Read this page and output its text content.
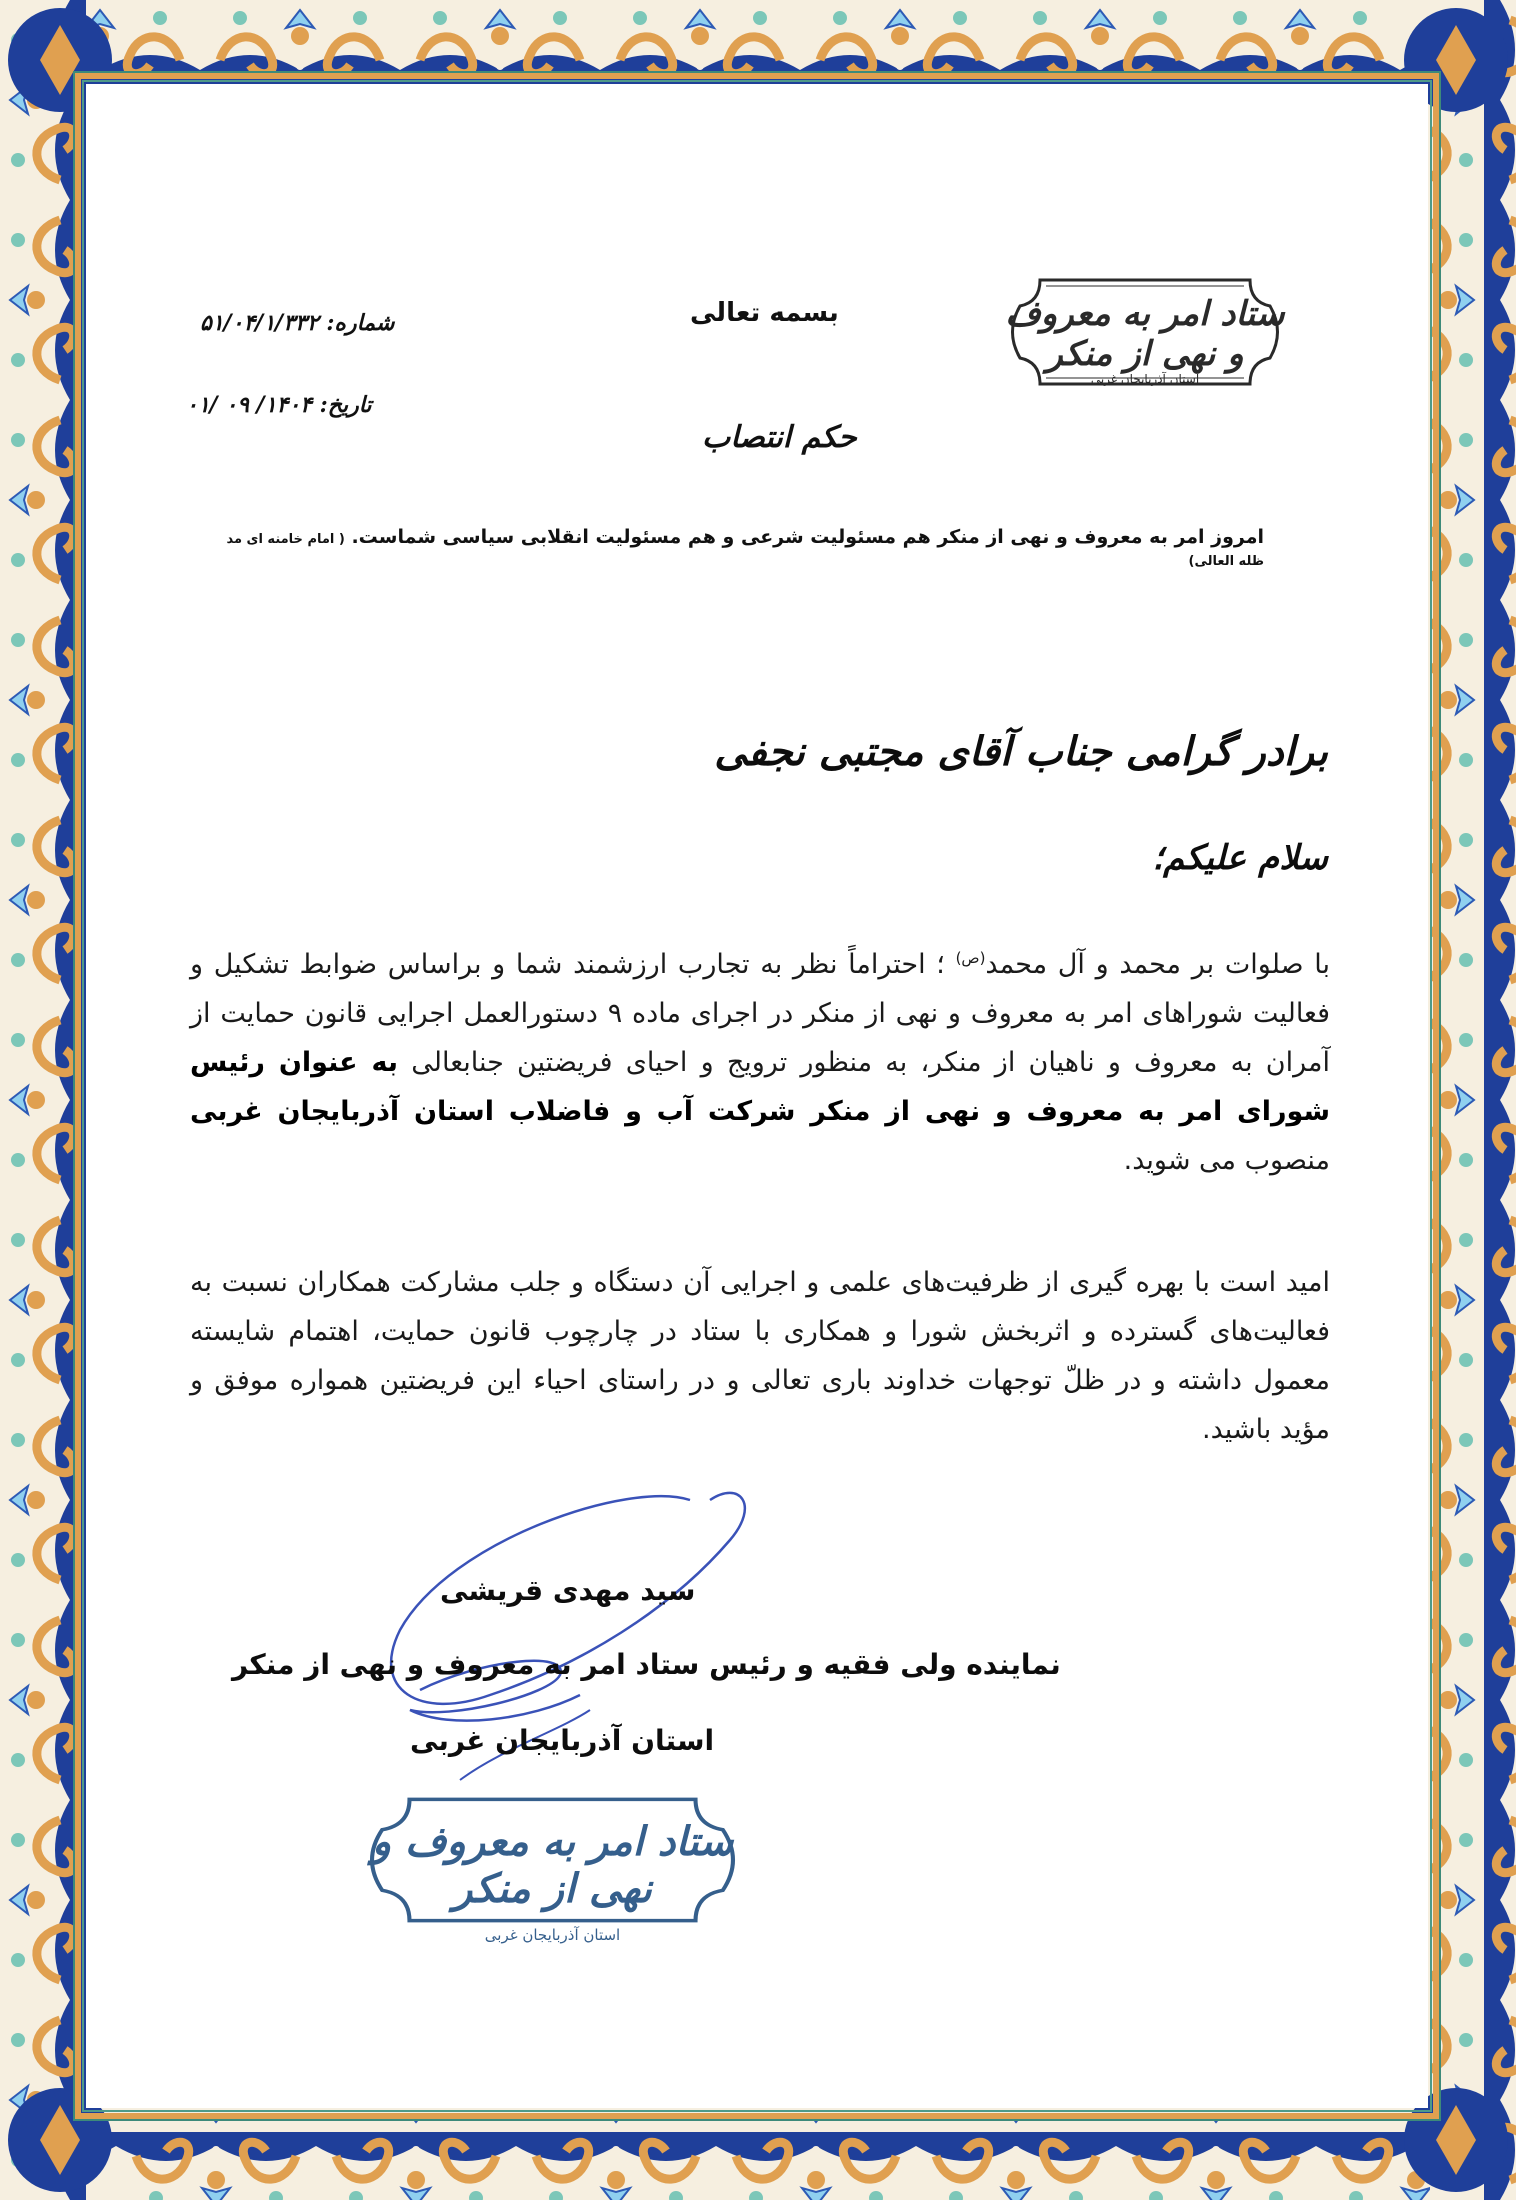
ستاد امر به معروف و نهی از منکر
استان آذربایجان غربی
بسمه تعالی
شماره: ۵۱/۰۴/۱/۳۳۲
تاریخ: ۱۴۰۴/ ۰۹ /۰۱
حکم انتصاب
امروز امر به معروف و نهی از منکر هم مسئولیت شرعی و هم مسئولیت انقلابی سیاسی شماست. ( امام خامنه ای مد ظله العالی)
برادر گرامی جناب آقای مجتبی نجفی
سلام علیکم؛
با صلوات بر محمد و آل محمد$^{(ص)}$ ؛ احتراماً نظر به تجارب ارزشمند شما و براساس ضوابط تشکیل و فعالیت شوراهای امر به معروف و نهی از منکر در اجرای ماده ۹ دستورالعمل اجرایی قانون حمایت از آمران به معروف و ناهیان از منکر، به منظور ترویج و احیای فریضتین جنابعالی به عنوان رئیس شورای امر به معروف و نهی از منکر شرکت آب و فاضلاب استان آذربایجان غربی منصوب می شوید.
امید است با بهره گیری از ظرفیت‌های علمی و اجرایی آن دستگاه و جلب مشارکت همکاران نسبت به فعالیت‌های گسترده و اثربخش شورا و همکاری با ستاد در چارچوب قانون حمایت، اهتمام شایسته معمول داشته و در ظلّ توجهات خداوند باری تعالی و در راستای احیاء این فریضتین همواره موفق و مؤید باشید.
سید مهدی قریشی
نماینده ولی فقیه و رئیس ستاد امر به معروف و نهی از منکر
استان آذربایجان غربی
ستاد امر به معروف و نهی از منکر
استان آذربایجان غربی
